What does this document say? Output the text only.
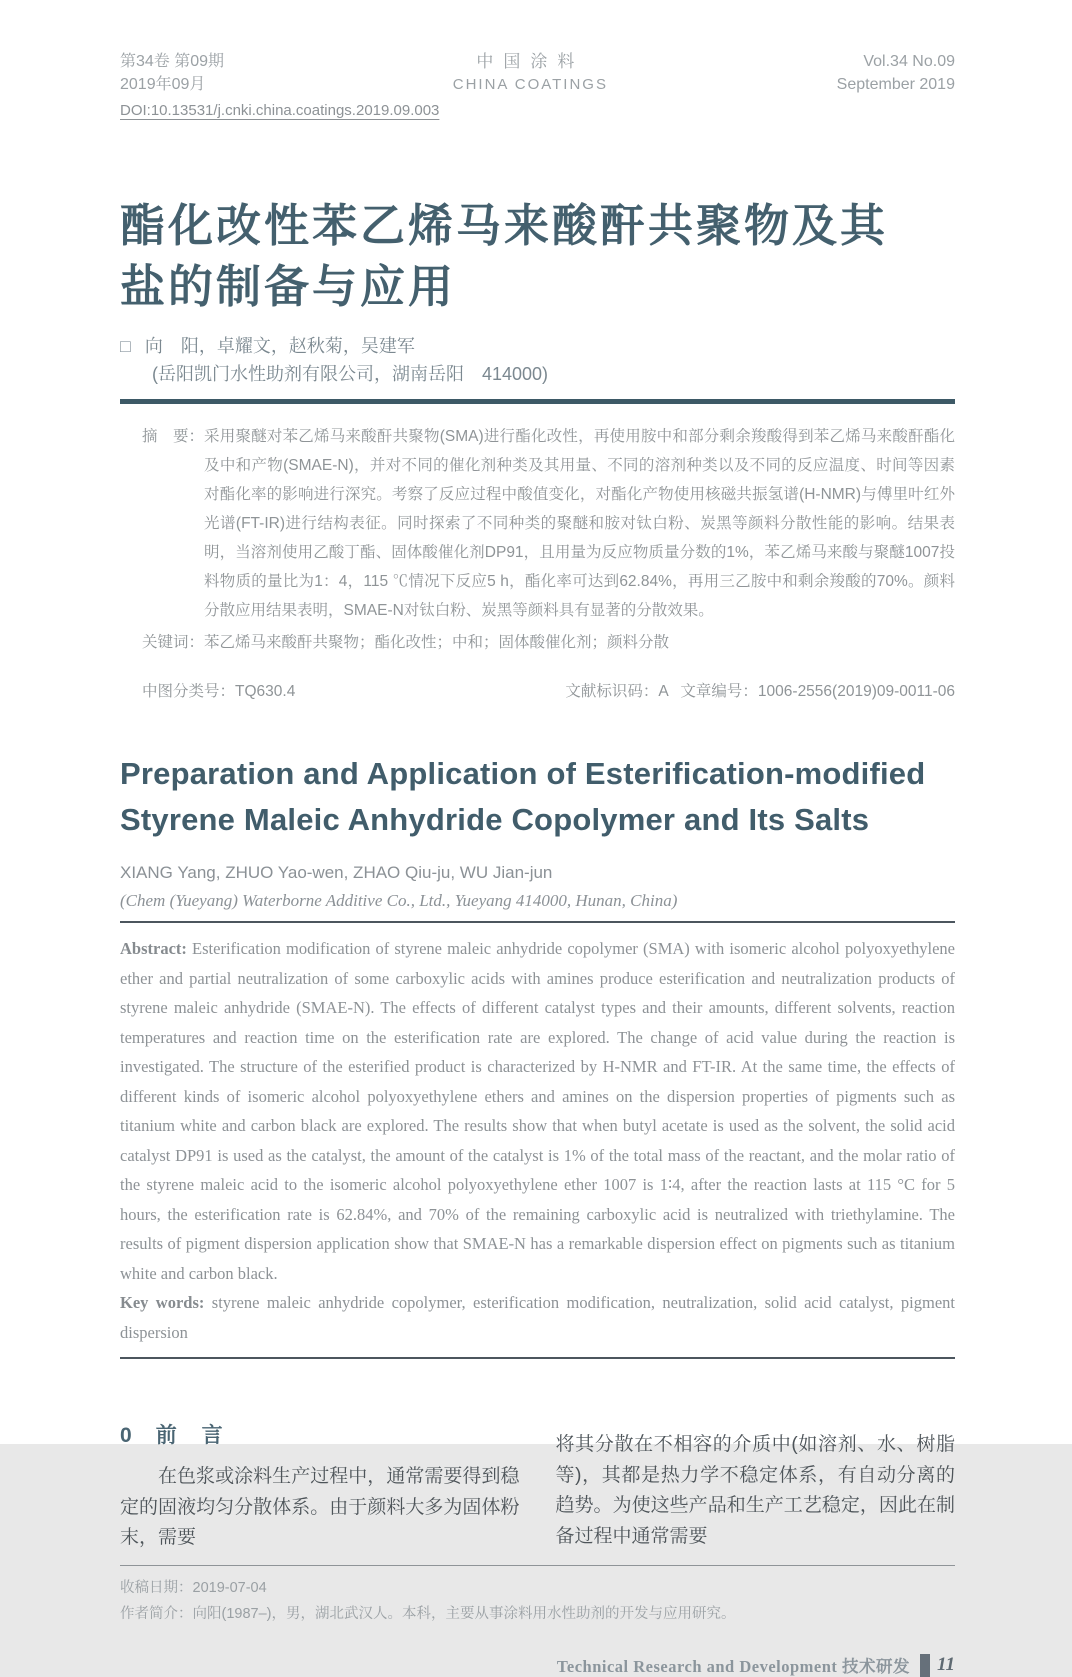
第34卷 第09期
2019年09月
中国涂料
CHINA COATINGS
Vol.34 No.09
September 2019
DOI:10.13531/j.cnki.china.coatings.2019.09.003
酯化改性苯乙烯马来酸酐共聚物及其
盐的制备与应用
□ 向　阳，卓耀文，赵秋菊，吴建军
(岳阳凯门水性助剂有限公司，湖南岳阳　414000)
摘　要： 采用聚醚对苯乙烯马来酸酐共聚物(SMA)进行酯化改性，再使用胺中和部分剩余羧酸得到苯乙烯马来酸酐酯化及中和产物(SMAE-N)，并对不同的催化剂种类及其用量、不同的溶剂种类以及不同的反应温度、时间等因素对酯化率的影响进行深究。考察了反应过程中酸值变化，对酯化产物使用核磁共振氢谱(H-NMR)与傅里叶红外光谱(FT-IR)进行结构表征。同时探索了不同种类的聚醚和胺对钛白粉、炭黑等颜料分散性能的影响。结果表明，当溶剂使用乙酸丁酯、固体酸催化剂DP91，且用量为反应物质量分数的1%，苯乙烯马来酸与聚醚1007投料物质的量比为1：4，115 ℃情况下反应5 h，酯化率可达到62.84%，再用三乙胺中和剩余羧酸的70%。颜料分散应用结果表明，SMAE-N对钛白粉、炭黑等颜料具有显著的分散效果。
关键词：苯乙烯马来酸酐共聚物；酯化改性；中和；固体酸催化剂；颜料分散
中图分类号：TQ630.4	文献标识码：A 文章编号：1006-2556(2019)09-0011-06
Preparation and Application of Esterification-modified
Styrene Maleic Anhydride Copolymer and Its Salts
XIANG Yang, ZHUO Yao-wen, ZHAO Qiu-ju, WU Jian-jun
(Chem (Yueyang) Waterborne Additive Co., Ltd., Yueyang 414000, Hunan, China)
Abstract: Esterification modification of styrene maleic anhydride copolymer (SMA) with isomeric alcohol polyoxyethylene ether and partial neutralization of some carboxylic acids with amines produce esterification and neutralization products of styrene maleic anhydride (SMAE-N). The effects of different catalyst types and their amounts, different solvents, reaction temperatures and reaction time on the esterification rate are explored. The change of acid value during the reaction is investigated. The structure of the esterified product is characterized by H-NMR and FT-IR. At the same time, the effects of different kinds of isomeric alcohol polyoxyethylene ethers and amines on the dispersion properties of pigments such as titanium white and carbon black are explored. The results show that when butyl acetate is used as the solvent, the solid acid catalyst DP91 is used as the catalyst, the amount of the catalyst is 1% of the total mass of the reactant, and the molar ratio of the styrene maleic acid to the isomeric alcohol polyoxyethylene ether 1007 is 1∶4, after the reaction lasts at 115 °C for 5 hours, the esterification rate is 62.84%, and 70% of the remaining carboxylic acid is neutralized with triethylamine. The results of pigment dispersion application show that SMAE-N has a remarkable dispersion effect on pigments such as titanium white and carbon black.
Key words: styrene maleic anhydride copolymer, esterification modification, neutralization, solid acid catalyst, pigment dispersion
0 前　言
在色浆或涂料生产过程中，通常需要得到稳定的固液均匀分散体系。由于颜料大多为固体粉末，需要
将其分散在不相容的介质中(如溶剂、水、树脂等)，其都是热力学不稳定体系，有自动分离的趋势。为使这些产品和生产工艺稳定，因此在制备过程中通常需要
收稿日期：2019-07-04
作者简介：向阳(1987–)，男，湖北武汉人。本科，主要从事涂料用水性助剂的开发与应用研究。
Technical Research and Development 技术研发 11
